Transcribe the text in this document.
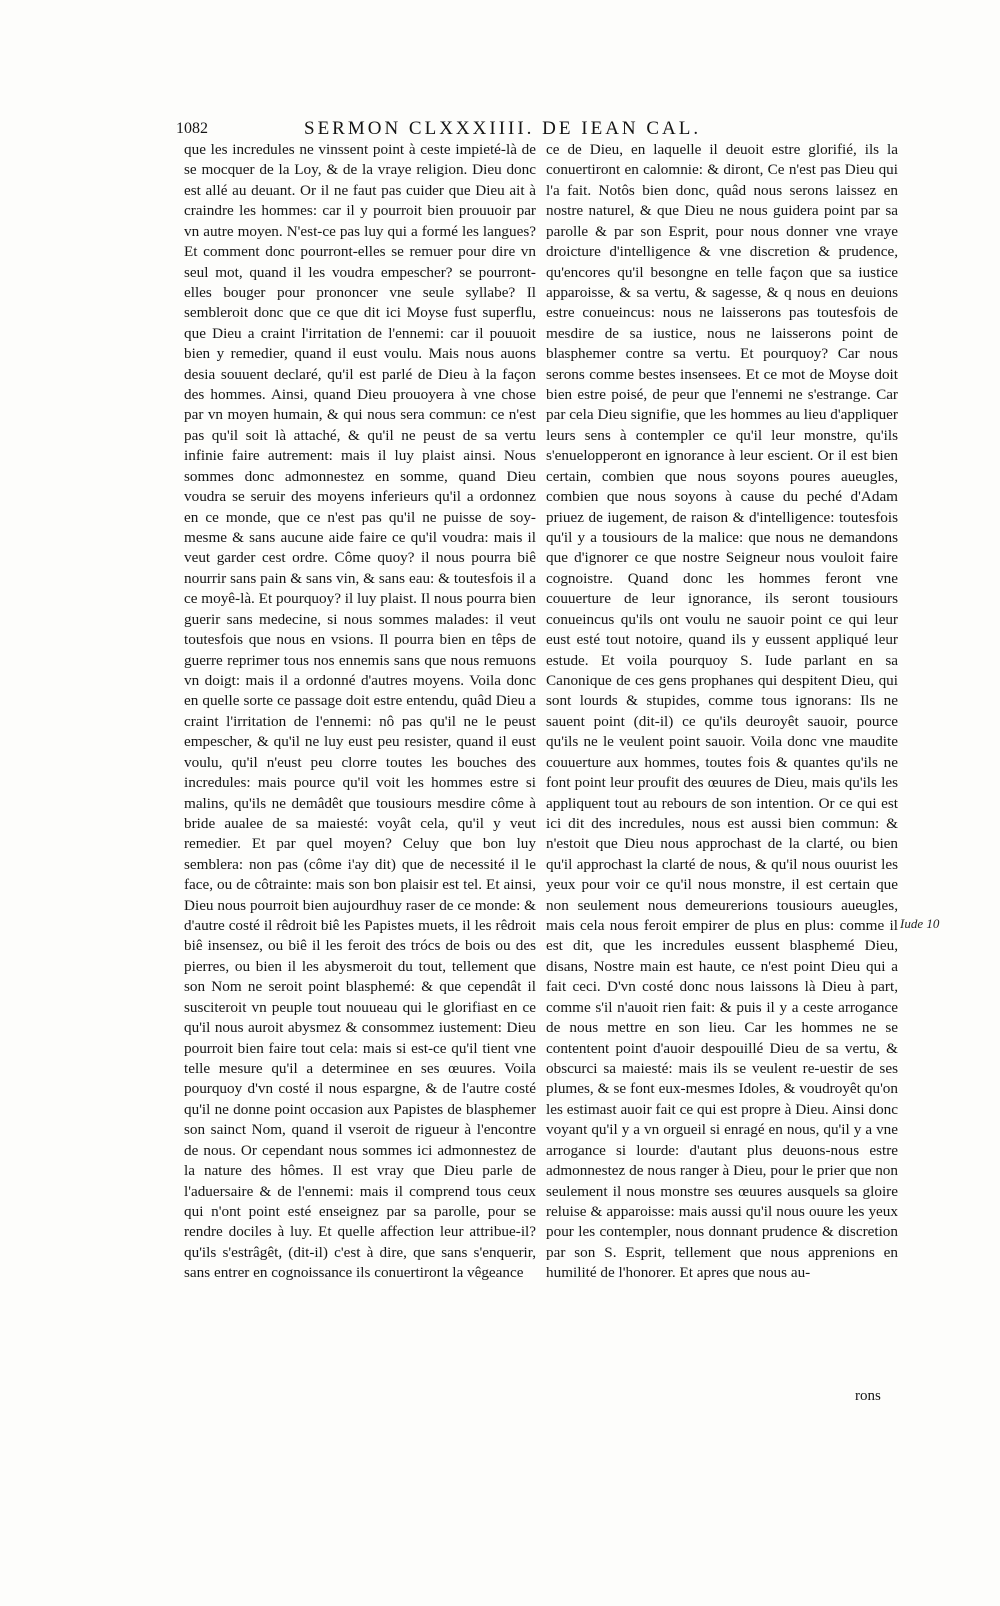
1082	SERMON CLXXXIIII. DE IEAN CAL.

que les incredules ne vinssent point à ceste impieté-là de se mocquer de la Loy, & de la vraye religion. Dieu donc est allé au deuant. Or il ne faut pas cuider que Dieu ait à craindre les hommes: car il y pourroit bien prouuoir par vn autre moyen. N'est-ce pas luy qui a formé les langues? Et comment donc pourront-elles se remuer pour dire vn seul mot, quand il les voudra empescher? se pourront-elles bouger pour prononcer vne seule syllabe? Il sembleroit donc que ce que dit ici Moyse fust superflu, que Dieu a craint l'irritation de l'ennemi: car il pouuoit bien y remedier, quand il eust voulu. Mais nous auons desia souuent declaré, qu'il est parlé de Dieu à la façon des hommes. Ainsi, quand Dieu prouoyera à vne chose par vn moyen humain, & qui nous sera commun: ce n'est pas qu'il soit là attaché, & qu'il ne peust de sa vertu infinie faire autrement: mais il luy plaist ainsi. Nous sommes donc admonnestez en somme, quand Dieu voudra se seruir des moyens inferieurs qu'il a ordonnez en ce monde, que ce n'est pas qu'il ne puisse de soy-mesme & sans aucune aide faire ce qu'il voudra: mais il veut garder cest ordre. Côme quoy? il nous pourra biê nourrir sans pain & sans vin, & sans eau: & toutesfois il a ce moyê-là. Et pourquoy? il luy plaist. Il nous pourra bien guerir sans medecine, si nous sommes malades: il veut toutesfois que nous en vsions. Il pourra bien en têps de guerre reprimer tous nos ennemis sans que nous remuons vn doigt: mais il a ordonné d'autres moyens. Voila donc en quelle sorte ce passage doit estre entendu, quâd Dieu a craint l'irritation de l'ennemi: nô pas qu'il ne le peust empescher, & qu'il ne luy eust peu resister, quand il eust voulu, qu'il n'eust peu clorre toutes les bouches des incredules: mais pource qu'il voit les hommes estre si malins, qu'ils ne demâdêt que tousiours mesdire côme à bride aualee de sa maiesté: voyât cela, qu'il y veut remedier. Et par quel moyen? Celuy que bon luy semblera: non pas (côme i'ay dit) que de necessité il le face, ou de côtrainte: mais son bon plaisir est tel. Et ainsi, Dieu nous pourroit bien aujourdhuy raser de ce monde: & d'autre costé il rêdroit biê les Papistes muets, il les rêdroit biê insensez, ou biê il les feroit des trócs de bois ou des pierres, ou bien il les abysmeroit du tout, tellement que son Nom ne seroit point blasphemé: & que cependât il susciteroit vn peuple tout nouueau qui le glorifiast en ce qu'il nous auroit abysmez & consommez iustement: Dieu pourroit bien faire tout cela: mais si est-ce qu'il tient vne telle mesure qu'il a determinee en ses œuures. Voila pourquoy d'vn costé il nous espargne, & de l'autre costé qu'il ne donne point occasion aux Papistes de blasphemer son sainct Nom, quand il vseroit de rigueur à l'encontre de nous. Or cependant nous sommes ici admonnestez de la nature des hômes. Il est vray que Dieu parle de l'aduersaire & de l'ennemi: mais il comprend tous ceux qui n'ont point esté enseignez par sa parolle, pour se rendre dociles à luy. Et quelle affection leur attribue-il? qu'ils s'estrâgêt, (dit-il) c'est à dire, que sans s'enquerir, sans entrer en cognoissance ils conuertiront la vêgeance

ce de Dieu, en laquelle il deuoit estre glorifié, ils la conuertiront en calomnie: & diront, Ce n'est pas Dieu qui l'a fait. Notôs bien donc, quâd nous serons laissez en nostre naturel, & que Dieu ne nous guidera point par sa parolle & par son Esprit, pour nous donner vne vraye droicture d'intelligence & vne discretion & prudence, qu'encores qu'il besongne en telle façon que sa iustice apparoisse, & sa vertu, & sagesse, & q nous en deuions estre conueincus: nous ne laisserons pas toutesfois de mesdire de sa iustice, nous ne laisserons point de blasphemer contre sa vertu. Et pourquoy? Car nous serons comme bestes insensees. Et ce mot de Moyse doit bien estre poisé, de peur que l'ennemi ne s'estrange. Car par cela Dieu signifie, que les hommes au lieu d'appliquer leurs sens à contempler ce qu'il leur monstre, qu'ils s'enuelopperont en ignorance à leur escient. Or il est bien certain, combien que nous soyons poures aueugles, combien que nous soyons à cause du peché d'Adam priuez de iugement, de raison & d'intelligence: toutesfois qu'il y a tousiours de la malice: que nous ne demandons que d'ignorer ce que nostre Seigneur nous vouloit faire cognoistre. Quand donc les hommes feront vne couuerture de leur ignorance, ils seront tousiours conueincus qu'ils ont voulu ne sauoir point ce qui leur eust esté tout notoire, quand ils y eussent appliqué leur estude. Et voila pourquoy S. Iude parlant en sa Canonique de ces gens prophanes qui despitent Dieu, qui sont lourds & stupides, comme tous ignorans: Ils ne sauent point (dit-il) ce qu'ils deuroyêt sauoir, pource qu'ils ne le veulent point sauoir. Voila donc vne maudite couuerture aux hommes, toutes fois & quantes qu'ils ne font point leur proufit des œuures de Dieu, mais qu'ils les appliquent tout au rebours de son intention. Or ce qui est ici dit des incredules, nous est aussi bien commun: & n'estoit que Dieu nous approchast de la clarté, ou bien qu'il approchast la clarté de nous, & qu'il nous ouurist les yeux pour voir ce qu'il nous monstre, il est certain que non seulement nous demeurerions tousiours aueugles, mais cela nous feroit empirer de plus en plus: comme il est dit, que les incredules eussent blasphemé Dieu, disans, Nostre main est haute, ce n'est point Dieu qui a fait ceci. D'vn costé donc nous laissons là Dieu à part, comme s'il n'auoit rien fait: & puis il y a ceste arrogance de nous mettre en son lieu. Car les hommes ne se contentent point d'auoir despouillé Dieu de sa vertu, & obscurci sa maiesté: mais ils se veulent re-uestir de ses plumes, & se font eux-mesmes Idoles, & voudroyêt qu'on les estimast auoir fait ce qui est propre à Dieu. Ainsi donc voyant qu'il y a vn orgueil si enragé en nous, qu'il y a vne arrogance si lourde: d'autant plus deuons-nous estre admonnestez de nous ranger à Dieu, pour le prier que non seulement il nous monstre ses œuures ausquels sa gloire reluise & apparoisse: mais aussi qu'il nous ouure les yeux pour les contempler, nous donnant prudence & discretion par son S. Esprit, tellement que nous apprenions en humilité de l'honorer. Et apres que nous au-

Iude 10
rons
